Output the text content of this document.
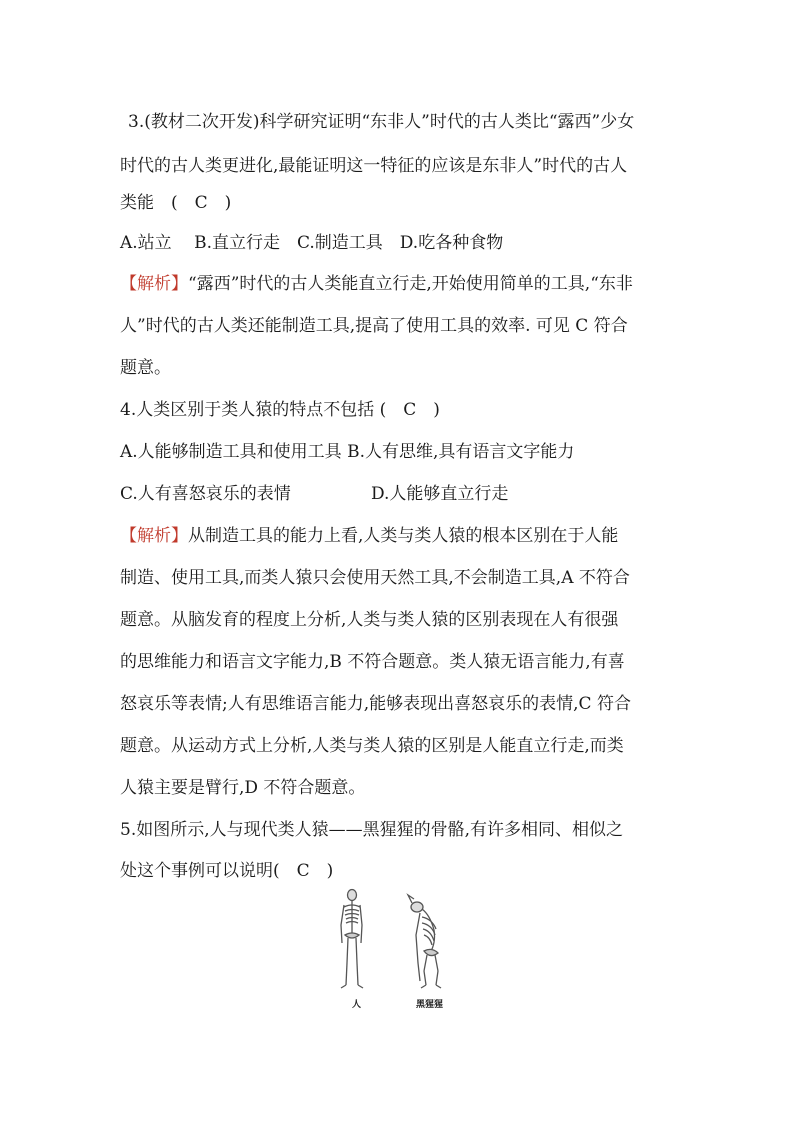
3.(教材二次开发)科学研究证明“东非人”时代的古人类比“露西”少女
时代的古人类更进化,最能证明这一特征的应该是东非人”时代的古人
类能　(　C　)
A.站立　 B.直立行走　C.制造工具　D.吃各种食物
【解析】“露西”时代的古人类能直立行走,开始使用简单的工具,“东非
人”时代的古人类还能制造工具,提高了使用工具的效率. 可见 C 符合
题意。
4.人类区别于类人猿的特点不包括 (　C　)
A.人能够制造工具和使用工具 B.人有思维,具有语言文字能力
C.人有喜怒哀乐的表情	D.人能够直立行走
【解析】从制造工具的能力上看,人类与类人猿的根本区别在于人能
制造、使用工具,而类人猿只会使用天然工具,不会制造工具,A 不符合
题意。从脑发育的程度上分析,人类与类人猿的区别表现在人有很强
的思维能力和语言文字能力,B 不符合题意。类人猿无语言能力,有喜
怒哀乐等表情;人有思维语言能力,能够表现出喜怒哀乐的表情,C 符合
题意。从运动方式上分析,人类与类人猿的区别是人能直立行走,而类
人猿主要是臂行,D 不符合题意。
5.如图所示,人与现代类人猿——黑猩猩的骨骼,有许多相同、相似之
处这个事例可以说明(　C　)
人	黑猩猩
